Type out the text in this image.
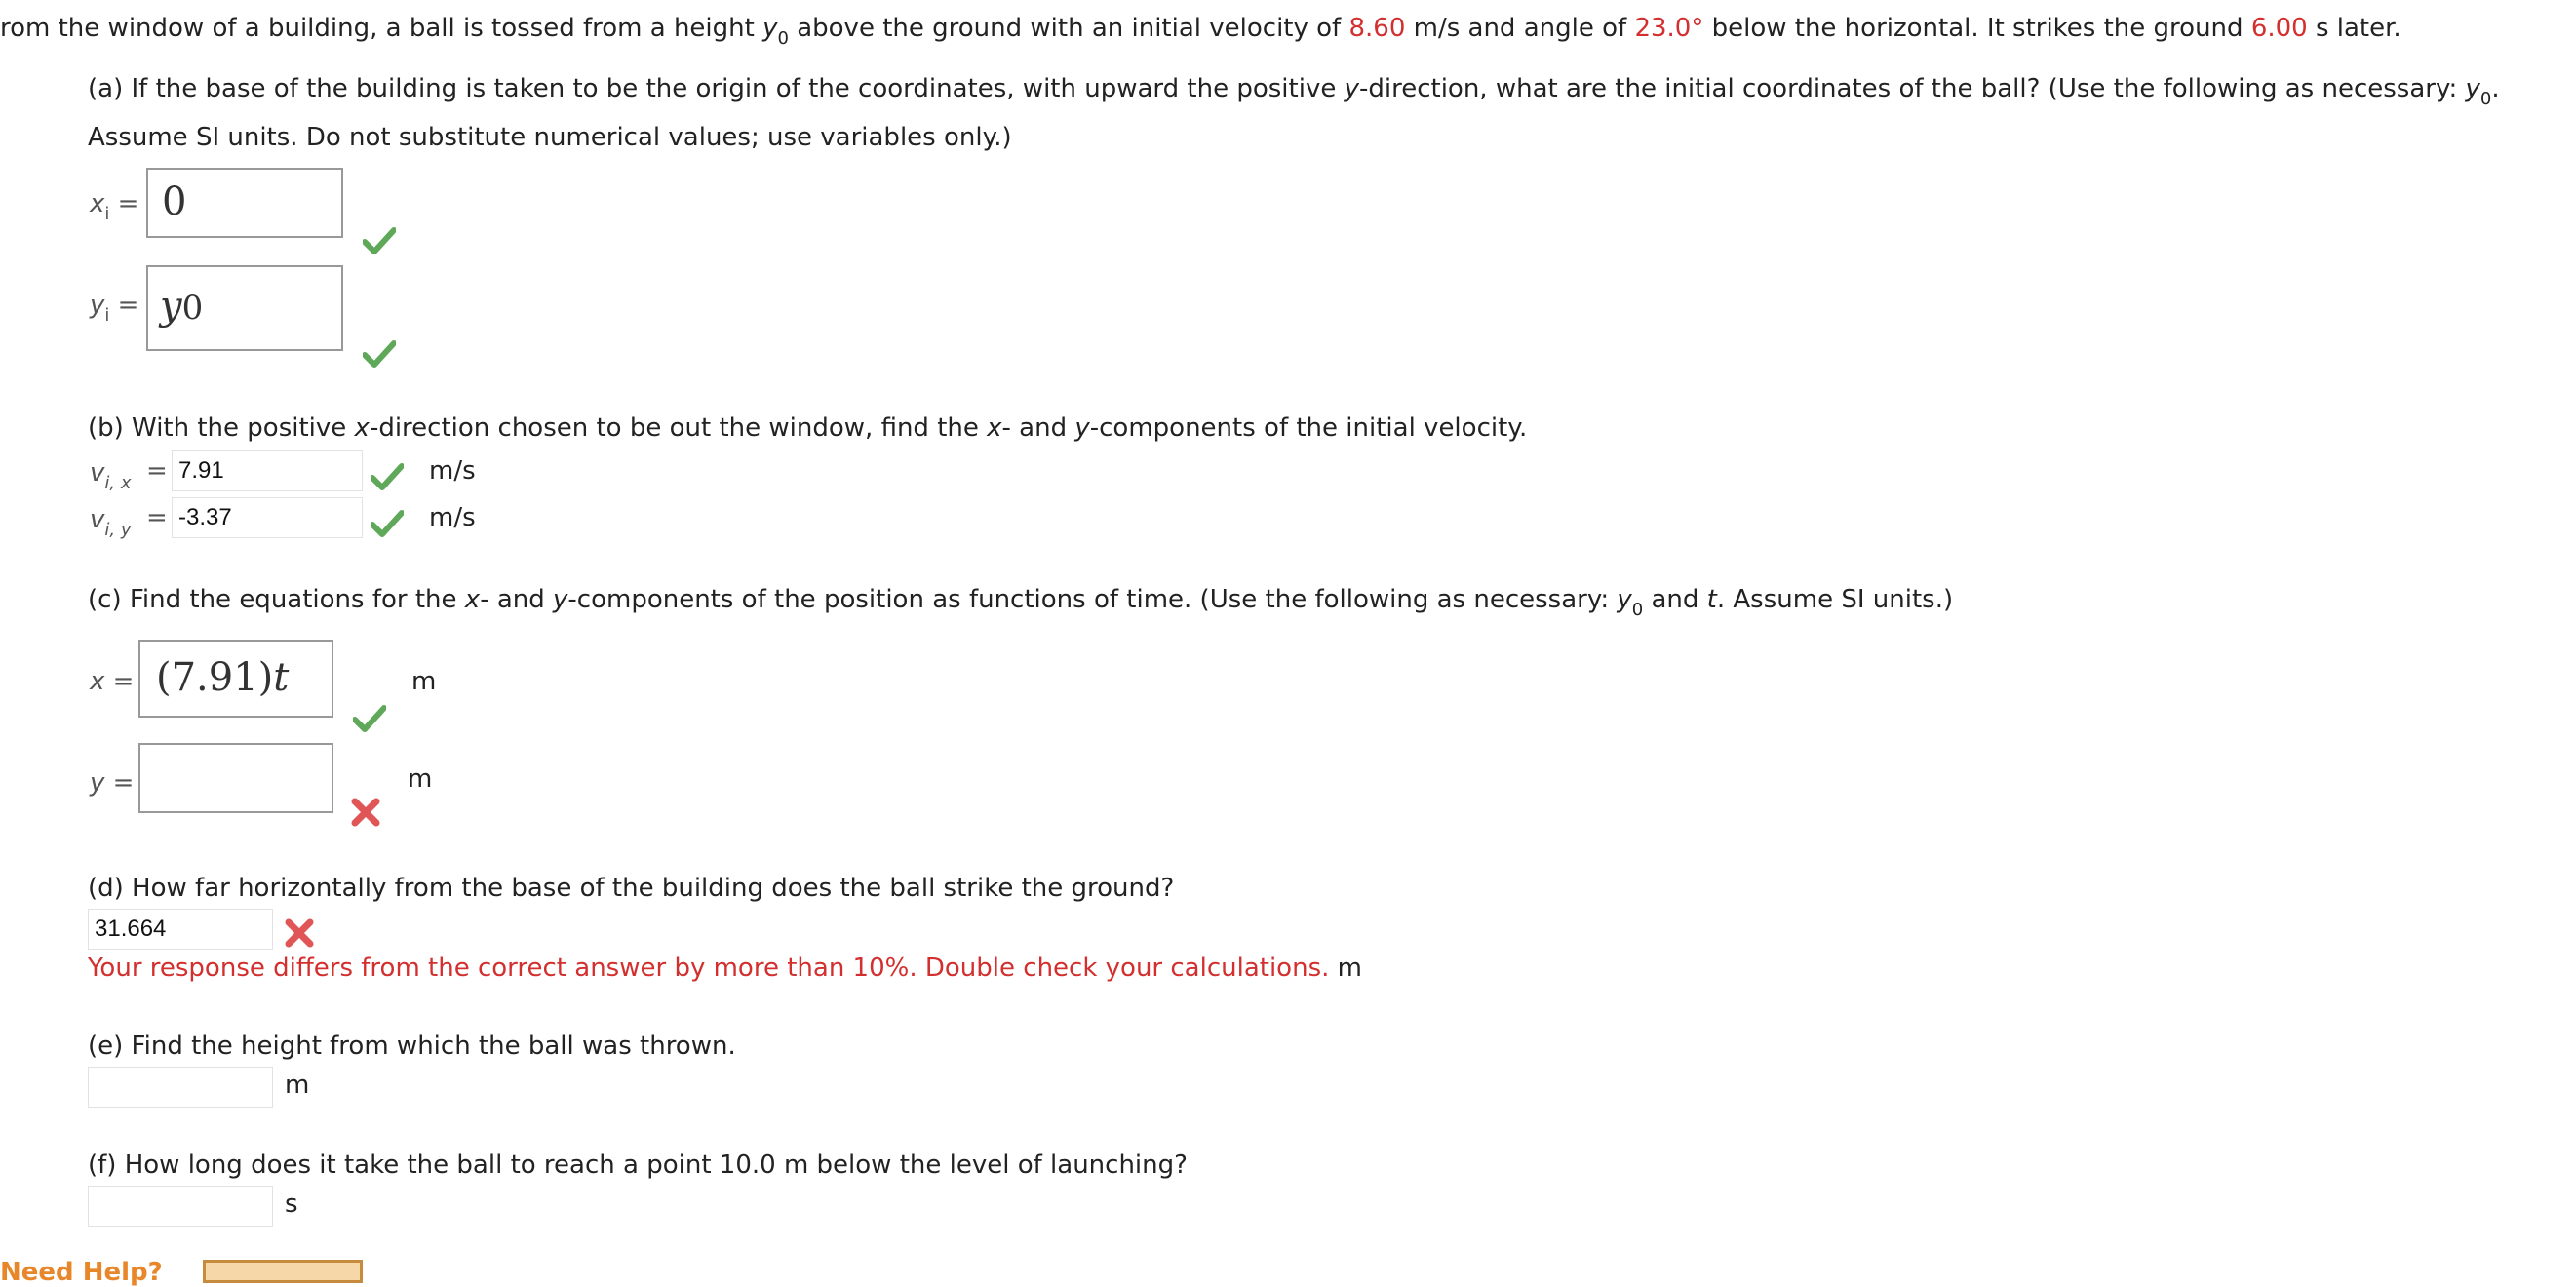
rom the window of a building, a ball is tossed from a height $y_0$ above the ground with an initial velocity of 8.60 m/s and angle of 23.0° below the horizontal. It strikes the ground 6.00 s later.
(a) If the base of the building is taken to be the origin of the coordinates, with upward the positive y-direction, what are the initial coordinates of the ball? (Use the following as necessary: $y_0$.
Assume SI units. Do not substitute numerical values; use variables only.)
$x_i = 0$
$y_i = y0$
(b) With the positive x-direction chosen to be out the window, find the x- and y-components of the initial velocity.
$v_{i, x} = 7.91$	m/s
$v_{i, y} = -3.37$	m/s
(c) Find the equations for the x- and y-components of the position as functions of time. (Use the following as necessary: $y_0$ and t. Assume SI units.)
x = (7.91)t	m
y =	m
(d) How far horizontally from the base of the building does the ball strike the ground?
31.664
Your response differs from the correct answer by more than 10%. Double check your calculations. m
(e) Find the height from which the ball was thrown.
m
(f) How long does it take the ball to reach a point 10.0 m below the level of launching?
s
Need Help?
